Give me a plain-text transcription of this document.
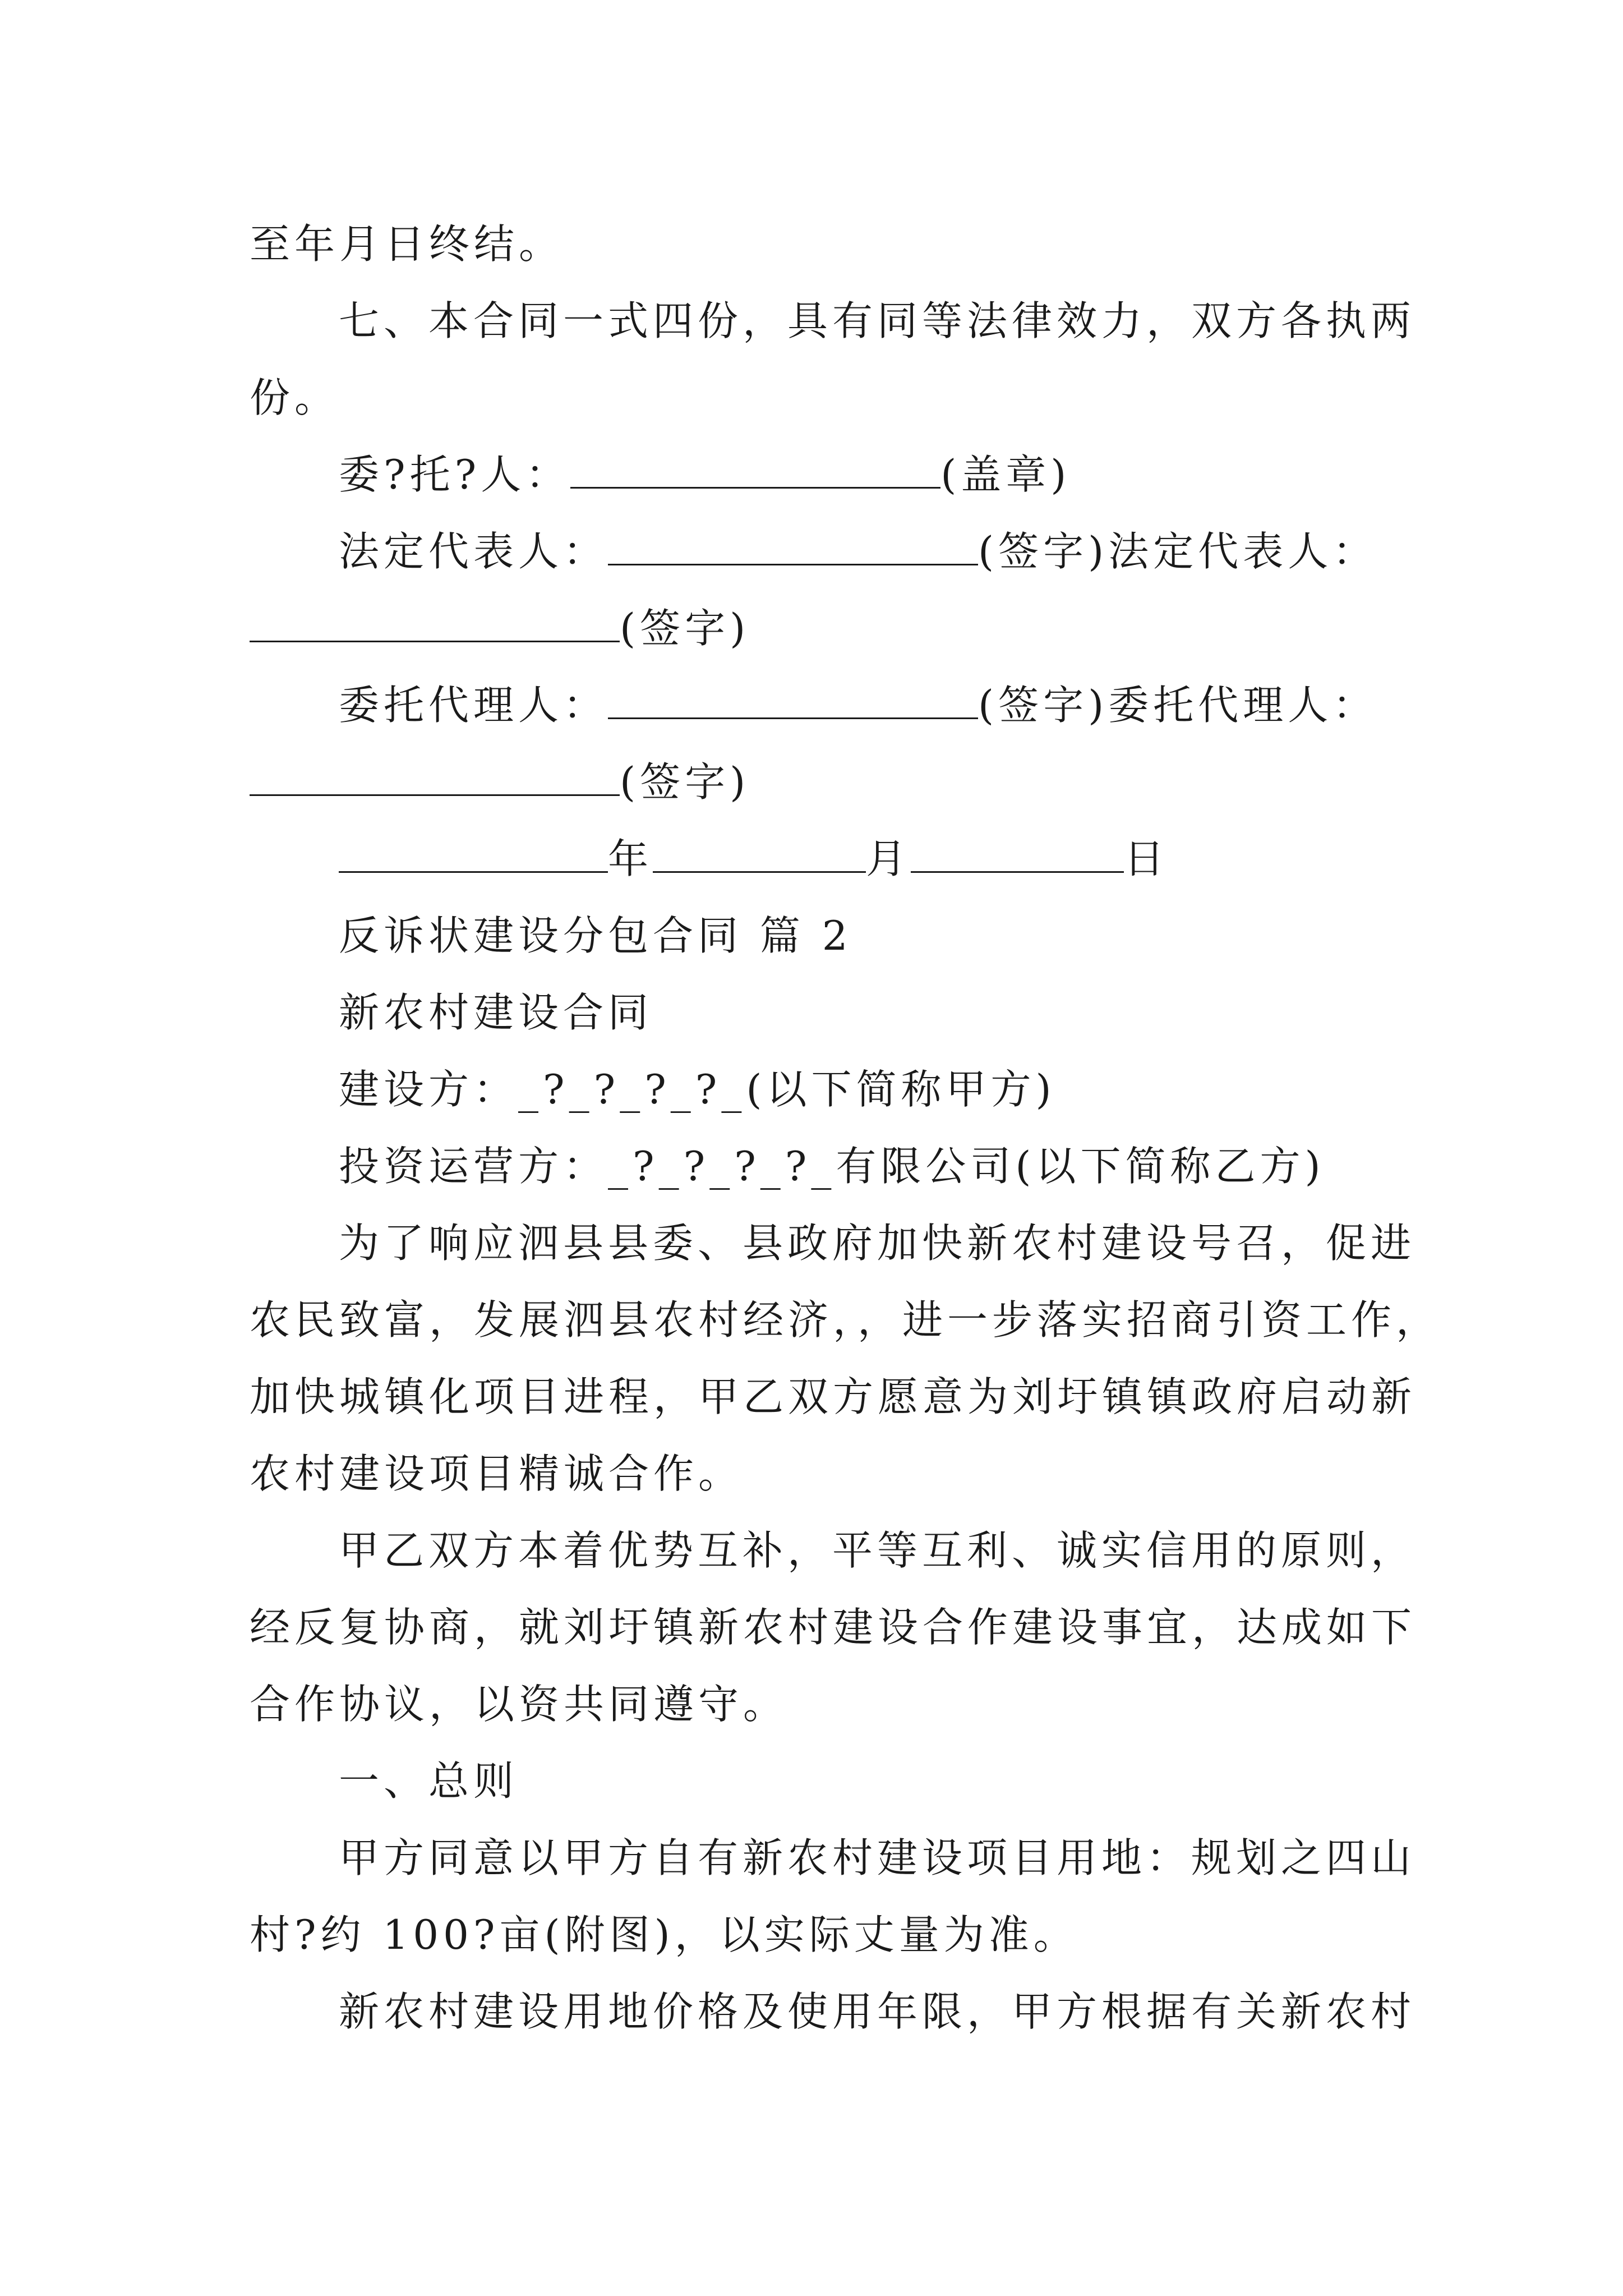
至年月日终结。
七、本合同一式四份，具有同等法律效力，双方各执两
份。
委?托?人：	(盖章)
法定代表人：	(签字)法定代表人：
(签字)
委托代理人：	(签字)委托代理人：
(签字)
年	月	日
反诉状建设分包合同 篇 2
新农村建设合同
建设方：_?_?_?_?_(以下简称甲方)
投资运营方：_?_?_?_?_有限公司(以下简称乙方)
为了响应泗县县委、县政府加快新农村建设号召，促进
农民致富，发展泗县农村经济，，进一步落实招商引资工作，
加快城镇化项目进程，甲乙双方愿意为刘圩镇镇政府启动新
农村建设项目精诚合作。
甲乙双方本着优势互补，平等互利、诚实信用的原则，
经反复协商，就刘圩镇新农村建设合作建设事宜，达成如下
合作协议，以资共同遵守。
一、总则
甲方同意以甲方自有新农村建设项目用地：规划之四山
村?约 100?亩(附图)，以实际丈量为准。
新农村建设用地价格及使用年限，甲方根据有关新农村
